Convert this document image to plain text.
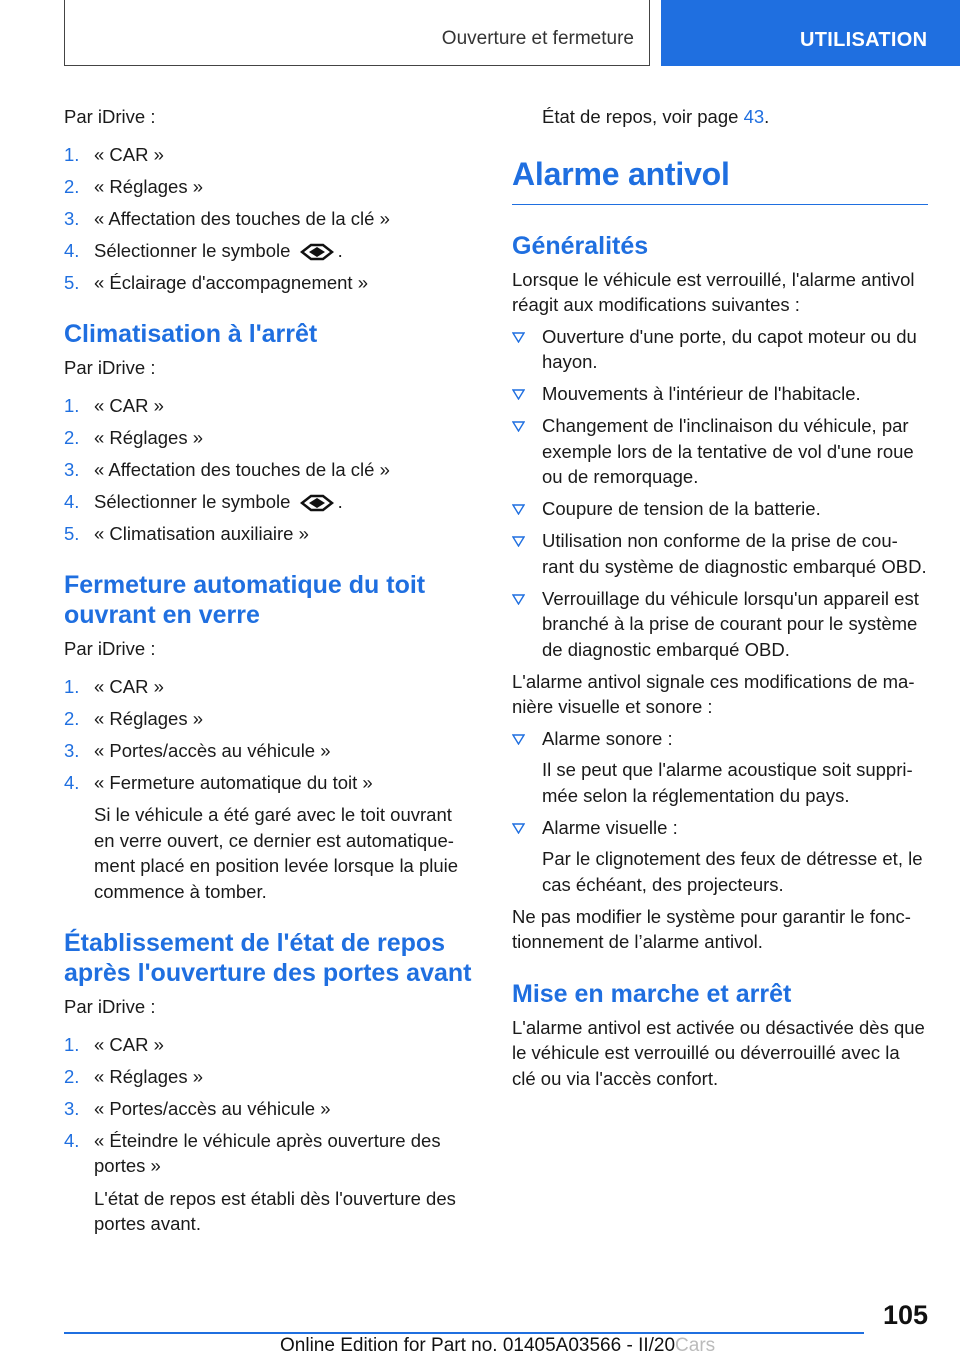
Ouverture et fermeture	UTILISATION

Par iDrive :

1. « CAR »
2. « Réglages »
3. « Affectation des touches de la clé »
4. Sélectionner le symbole	.
5. « Éclairage d'accompagnement »
Climatisation à l'arrêt

Par iDrive :

1. « CAR »
2. « Réglages »
3. « Affectation des touches de la clé »
4. Sélectionner le symbole	.
5. « Climatisation auxiliaire »
Fermeture automatique du toit ouvrant en verre

Par iDrive :

1. « CAR »
2. « Réglages »
3. « Portes/accès au véhicule »
4. « Fermeture automatique du toit »

Si le véhicule a été garé avec le toit ouvrant en verre ouvert, ce dernier est automatique-ment placé en position levée lorsque la pluie commence à tomber.

Établissement de l'état de repos après l'ouverture des portes avant

Par iDrive :

1. « CAR »
2. « Réglages »
3. « Portes/accès au véhicule »
4. « Éteindre le véhicule après ouverture des portes »

L'état de repos est établi dès l'ouverture des portes avant.

État de repos, voir page 43.

Alarme antivol
Généralités

Lorsque le véhicule est verrouillé, l'alarme antivol réagit aux modifications suivantes :

Ouverture d'une porte, du capot moteur ou du hayon.
Mouvements à l'intérieur de l'habitacle.
Changement de l'inclinaison du véhicule, par exemple lors de la tentative de vol d'une roue ou de remorquage.
Coupure de tension de la batterie.
Utilisation non conforme de la prise de cou-rant du système de diagnostic embarqué OBD.
Verrouillage du véhicule lorsqu'un appareil est branché à la prise de courant pour le système de diagnostic embarqué OBD.

L'alarme antivol signale ces modifications de ma-nière visuelle et sonore :

Alarme sonore :

Il se peut que l'alarme acoustique soit suppri-mée selon la réglementation du pays.

Alarme visuelle :

Par le clignotement des feux de détresse et, le cas échéant, des projecteurs.

Ne pas modifier le système pour garantir le fonc-tionnement de l’alarme antivol.

Mise en marche et arrêt

L'alarme antivol est activée ou désactivée dès que le véhicule est verrouillé ou déverrouillé avec la clé ou via l'accès confort.

105
Online Edition for Part no. 01405A03566 - II/20Cars
